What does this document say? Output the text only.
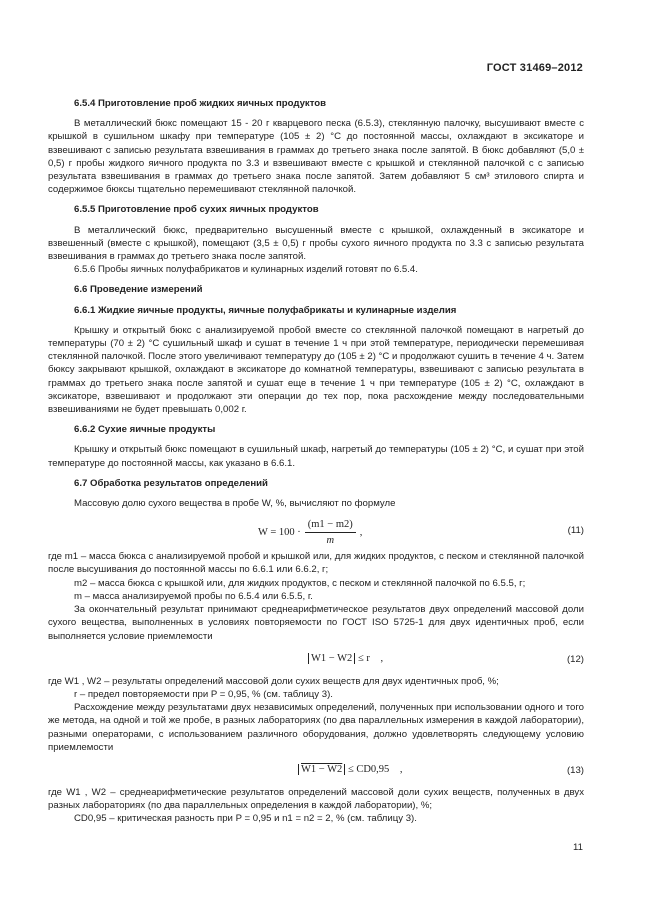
ГОСТ 31469–2012
6.5.4 Приготовление проб жидких яичных продуктов

В металлический бюкс помещают 15 - 20 г кварцевого песка (6.5.3), стеклянную палочку, высушивают вместе с крышкой в сушильном шкафу при температуре (105 ± 2) °С до постоянной массы, охлаждают в эксикаторе и взвешивают с записью результата взвешивания в граммах до третьего знака после запятой. В бюкс добавляют (5,0 ± 0,5) г пробы жидкого яичного продукта по 3.3 и взвешивают вместе с крышкой и стеклянной палочкой с с записью результата взвешивания в граммах до третьего знака после запятой. Затем добавляют 5 см³ этилового спирта и содержимое бюксы тщательно перемешивают стеклянной палочкой.

6.5.5 Приготовление проб сухих яичных продуктов

В металлический бюкс, предварительно высушенный вместе с крышкой, охлажденный в эксикаторе и взвешенный (вместе с крышкой), помещают (3,5 ± 0,5) г пробы сухого яичного продукта по 3.3 с записью результата взвешивания в граммах до третьего знака после запятой.

6.5.6 Пробы яичных полуфабрикатов и кулинарных изделий готовят по 6.5.4.

6.6 Проведение измерений
6.6.1 Жидкие яичные продукты, яичные полуфабрикаты и кулинарные изделия

Крышку и открытый бюкс с анализируемой пробой вместе со стеклянной палочкой помещают в нагретый до температуры (70 ± 2) °С сушильный шкаф и сушат в течение 1 ч при этой температуре, периодически перемешивая стеклянной палочкой. После этого увеличивают температуру до (105 ± 2) °С и продолжают сушить в течение 4 ч. Затем бюксу закрывают крышкой, охлаждают в эксикаторе до комнатной температуры, взвешивают с записью результата в граммах до третьего знака после запятой и сушат еще в течение 1 ч при температуре (105 ± 2) °С, охлаждают в эксикаторе, взвешивают и продолжают эти операции до тех пор, пока расхождение между последовательными взвешиваниями не будет превышать 0,002 г.

6.6.2 Сухие яичные продукты

Крышку и открытый бюкс помещают в сушильный шкаф, нагретый до температуры (105 ± 2) °С, и сушат при этой температуре до постоянной массы, как указано в 6.6.1.

6.7 Обработка результатов определений

Массовую долю сухого вещества в пробе W, %, вычисляют по формуле

$W = 100 \cdot \frac{(m1 - m2)}{m}$ ,	(11)

где m1 – масса бюкса с анализируемой пробой и крышкой или, для жидких продуктов, с песком и стеклянной палочкой после высушивания до постоянной массы по 6.6.1 или 6.6.2, г;

m2 – масса бюкса с крышкой или, для жидких продуктов, с песком и стеклянной палочкой по 6.5.5, г;

m – масса анализируемой пробы по 6.5.4 или 6.5.5, г.

За окончательный результат принимают среднеарифметическое результатов двух определений массовой доли сухого вещества, выполненных в условиях повторяемости по ГОСТ ISO 5725-1 для двух идентичных проб, если выполняется условие приемлемости

W1 − W2 ≤ r ,	(12)

где W1 , W2 – результаты определений массовой доли сухих веществ для двух идентичных проб, %;

r – предел повторяемости при P = 0,95, % (см. таблицу 3).

Расхождение между результатами двух независимых определений, полученных при использовании одного и того же метода, на одной и той же пробе, в разных лабораториях (по два параллельных измерения в каждой лаборатории), разными операторами, с использованием различного оборудования, должно удовлетворять следующему условию приемлемости

W1 − W2 ≤ CD0,95 ,	(13)

где W1 , W2 – среднеарифметические результатов определений массовой доли сухих веществ, полученных в двух разных лабораториях (по два параллельных определения в каждой лаборатории), %;

CD0,95 – критическая разность при P = 0,95 и n1 = n2 = 2, % (см. таблицу 3).

11
